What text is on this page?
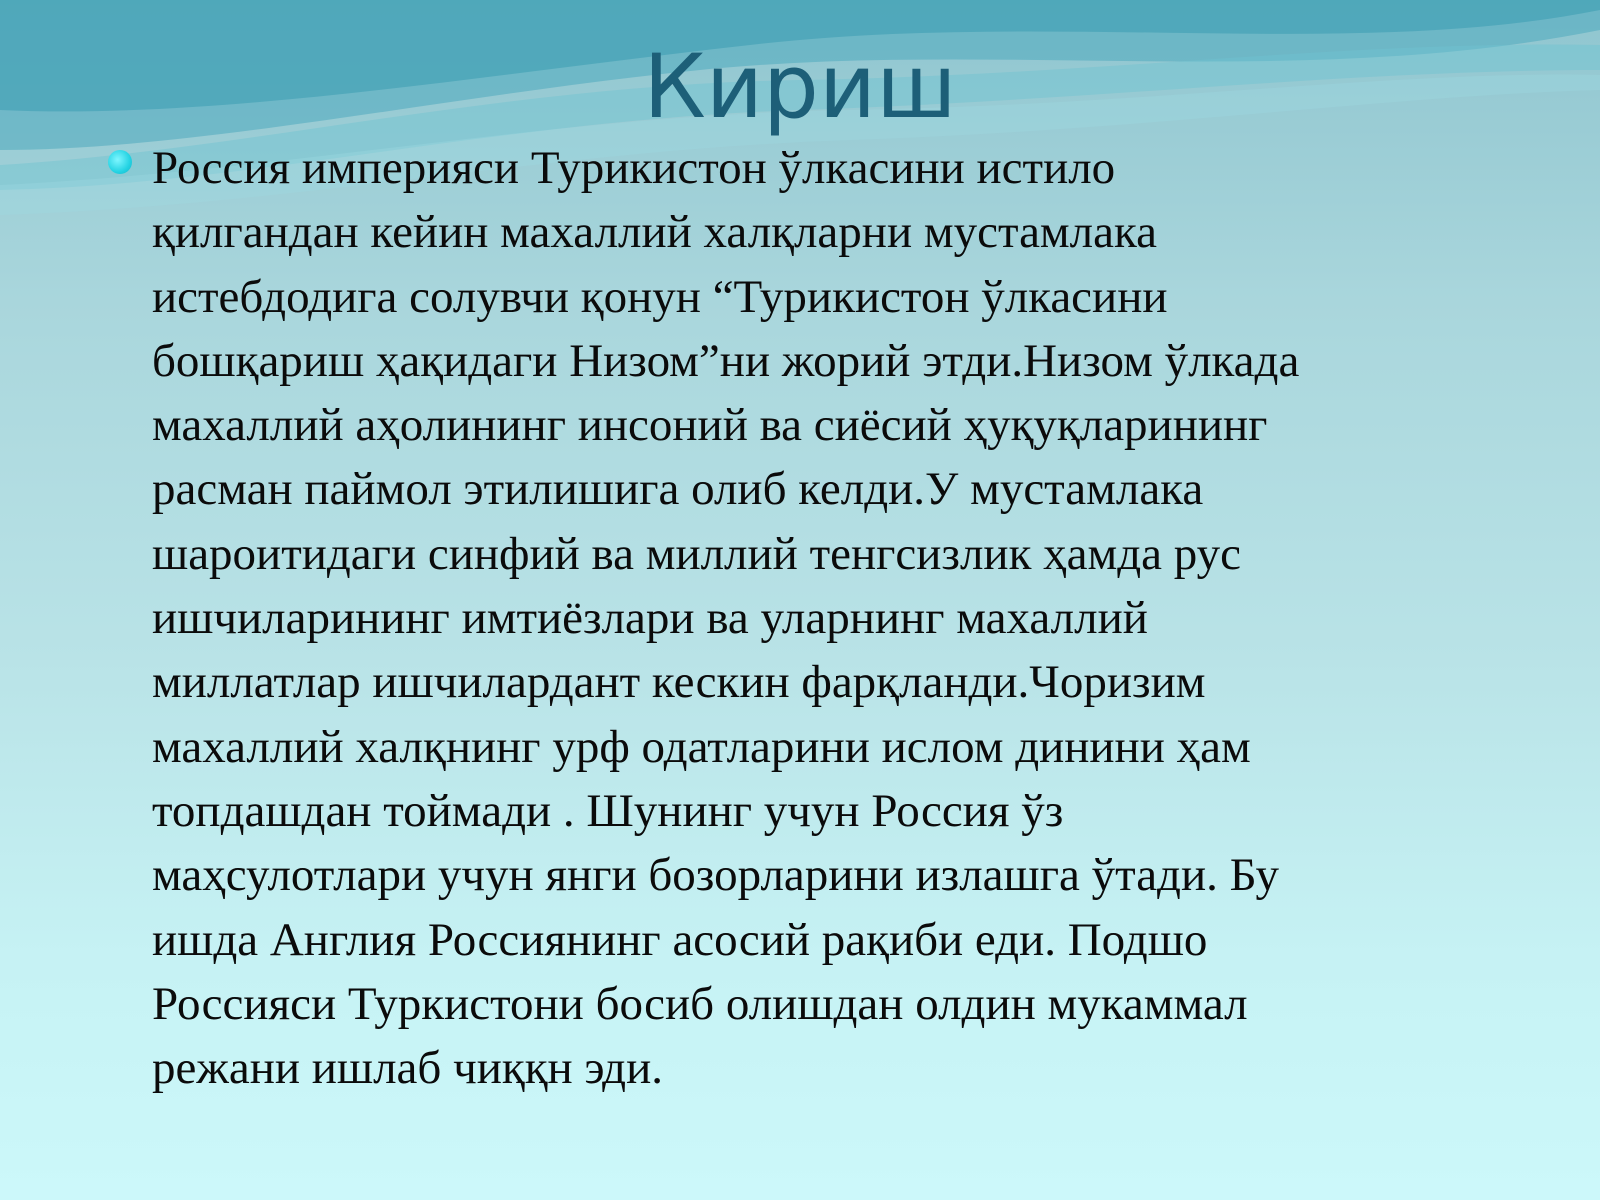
Кириш

Россия империяси Турикистон ўлкасини истило
қилгандан кейин махаллий халқларни мустамлака
истебдодига солувчи қонун “Турикистон ўлкасини
бошқариш ҳақидаги Низом”ни жорий этди.Низом ўлкада
махаллий аҳолининг инсоний ва сиёсий ҳуқуқларининг
расман паймол этилишига олиб келди.У мустамлака
шароитидаги синфий ва миллий тенгсизлик ҳамда рус
ишчиларининг имтиёзлари ва уларнинг махаллий
миллатлар ишчилардант кескин фарқланди.Чоризим
махаллий халқнинг урф одатларини ислом динини ҳам
топдашдан тоймади . Шунинг учун Россия ўз
маҳсулотлари учун янги бозорларини излашга ўтади. Бу
ишда Англия Россиянинг асосий рақиби еди. Подшо
Россияси Туркистони босиб олишдан олдин мукаммал
режани ишлаб чиққн эди.
